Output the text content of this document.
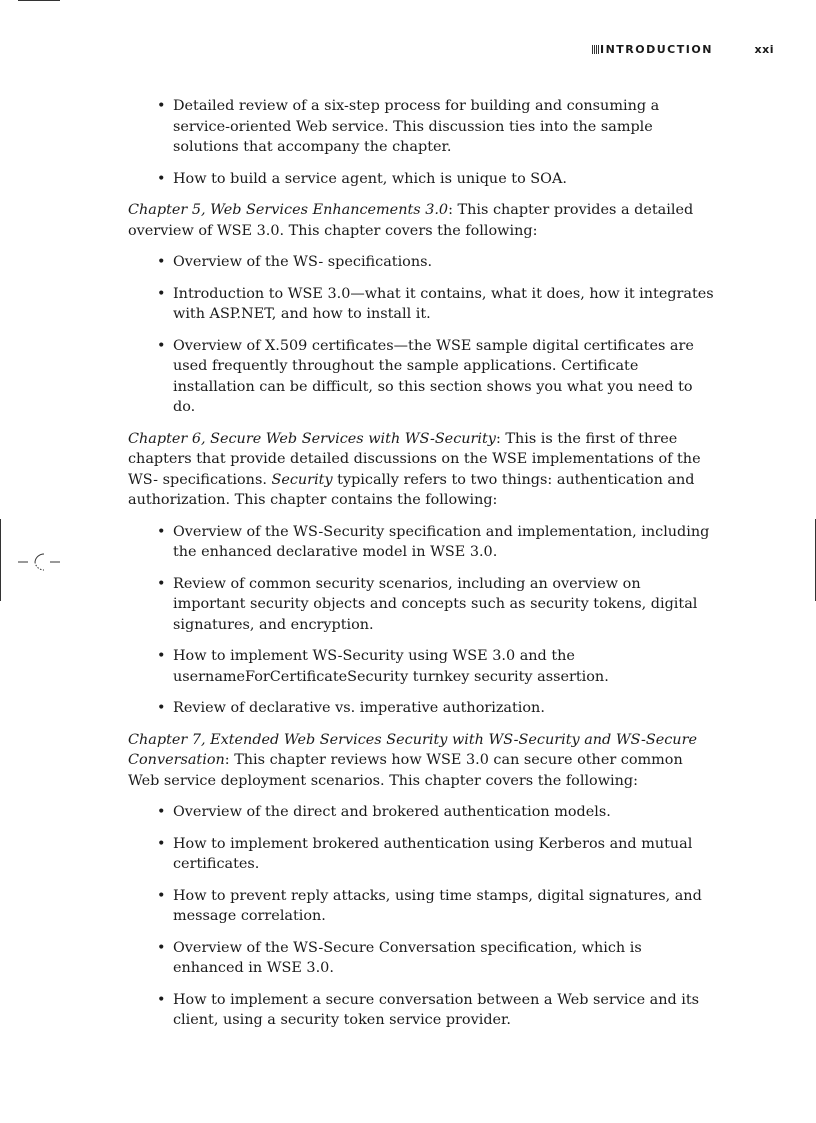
INTRODUCTION	xxi
• Detailed review of a six-step process for building and consuming a service-oriented Web service. This discussion ties into the sample solutions that accompany the chapter.
• How to build a service agent, which is unique to SOA.

Chapter 5, Web Services Enhancements 3.0: This chapter provides a detailed overview of WSE 3.0. This chapter covers the following:

• Overview of the WS- specifications.
• Introduction to WSE 3.0—what it contains, what it does, how it integrates with ASP.NET, and how to install it.
• Overview of X.509 certificates—the WSE sample digital certificates are used frequently throughout the sample applications. Certificate installation can be difficult, so this section shows you what you need to do.

Chapter 6, Secure Web Services with WS-Security: This is the first of three chapters that provide detailed discussions on the WSE implementations of the WS- specifications. Security typically refers to two things: authentication and authorization. This chapter contains the following:

• Overview of the WS-Security specification and implementation, including the enhanced declarative model in WSE 3.0.
• Review of common security scenarios, including an overview on important security objects and concepts such as security tokens, digital signatures, and encryption.
• How to implement WS-Security using WSE 3.0 and the usernameForCertificateSecurity turnkey security assertion.
• Review of declarative vs. imperative authorization.

Chapter 7, Extended Web Services Security with WS-Security and WS-Secure Conversation: This chapter reviews how WSE 3.0 can secure other common Web service deployment scenarios. This chapter covers the following:

• Overview of the direct and brokered authentication models.
• How to implement brokered authentication using Kerberos and mutual certificates.
• How to prevent reply attacks, using time stamps, digital signatures, and message correlation.
• Overview of the WS-Secure Conversation specification, which is enhanced in WSE 3.0.
• How to implement a secure conversation between a Web service and its client, using a security token service provider.
